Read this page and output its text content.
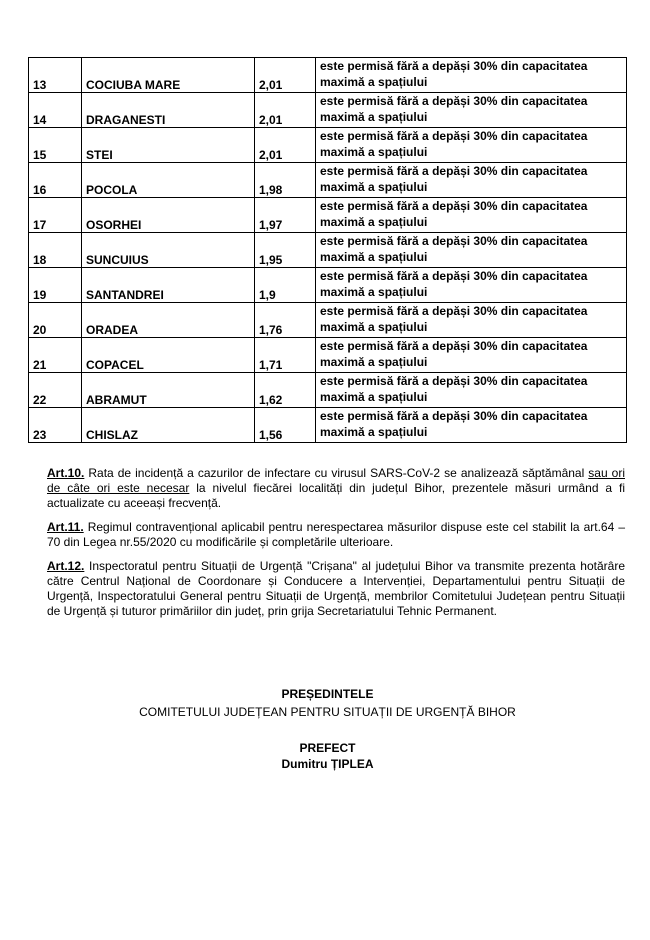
13	COCIUBA MARE	2,01	este permisă fără a depăși 30% din capacitatea maximă a spațiului
14	DRAGANESTI	2,01	este permisă fără a depăși 30% din capacitatea maximă a spațiului
15	STEI	2,01	este permisă fără a depăși 30% din capacitatea maximă a spațiului
16	POCOLA	1,98	este permisă fără a depăși 30% din capacitatea maximă a spațiului
17	OSORHEI	1,97	este permisă fără a depăși 30% din capacitatea maximă a spațiului
18	SUNCUIUS	1,95	este permisă fără a depăși 30% din capacitatea maximă a spațiului
19	SANTANDREI	1,9	este permisă fără a depăși 30% din capacitatea maximă a spațiului
20	ORADEA	1,76	este permisă fără a depăși 30% din capacitatea maximă a spațiului
21	COPACEL	1,71	este permisă fără a depăși 30% din capacitatea maximă a spațiului
22	ABRAMUT	1,62	este permisă fără a depăși 30% din capacitatea maximă a spațiului
23	CHISLAZ	1,56	este permisă fără a depăși 30% din capacitatea maximă a spațiului

Art.10. Rata de incidență a cazurilor de infectare cu virusul SARS-CoV-2 se analizează săptămânal sau ori de câte ori este necesar la nivelul fiecărei localități din județul Bihor, prezentele măsuri urmând a fi actualizate cu aceeași frecvență.

Art.11. Regimul contravențional aplicabil pentru nerespectarea măsurilor dispuse este cel stabilit la art.64 – 70 din Legea nr.55/2020 cu modificările și completările ulterioare.

Art.12. Inspectoratul pentru Situații de Urgență "Crișana" al județului Bihor va transmite prezenta hotărâre către Centrul Național de Coordonare și Conducere a Intervenției, Departamentului pentru Situații de Urgență, Inspectoratului General pentru Situații de Urgență, membrilor Comitetului Județean pentru Situații de Urgență și tuturor primăriilor din județ, prin grija Secretariatului Tehnic Permanent.

PREȘEDINTELE
COMITETULUI JUDEȚEAN PENTRU SITUAȚII DE URGENȚĂ BIHOR
PREFECT
Dumitru ȚIPLEA
